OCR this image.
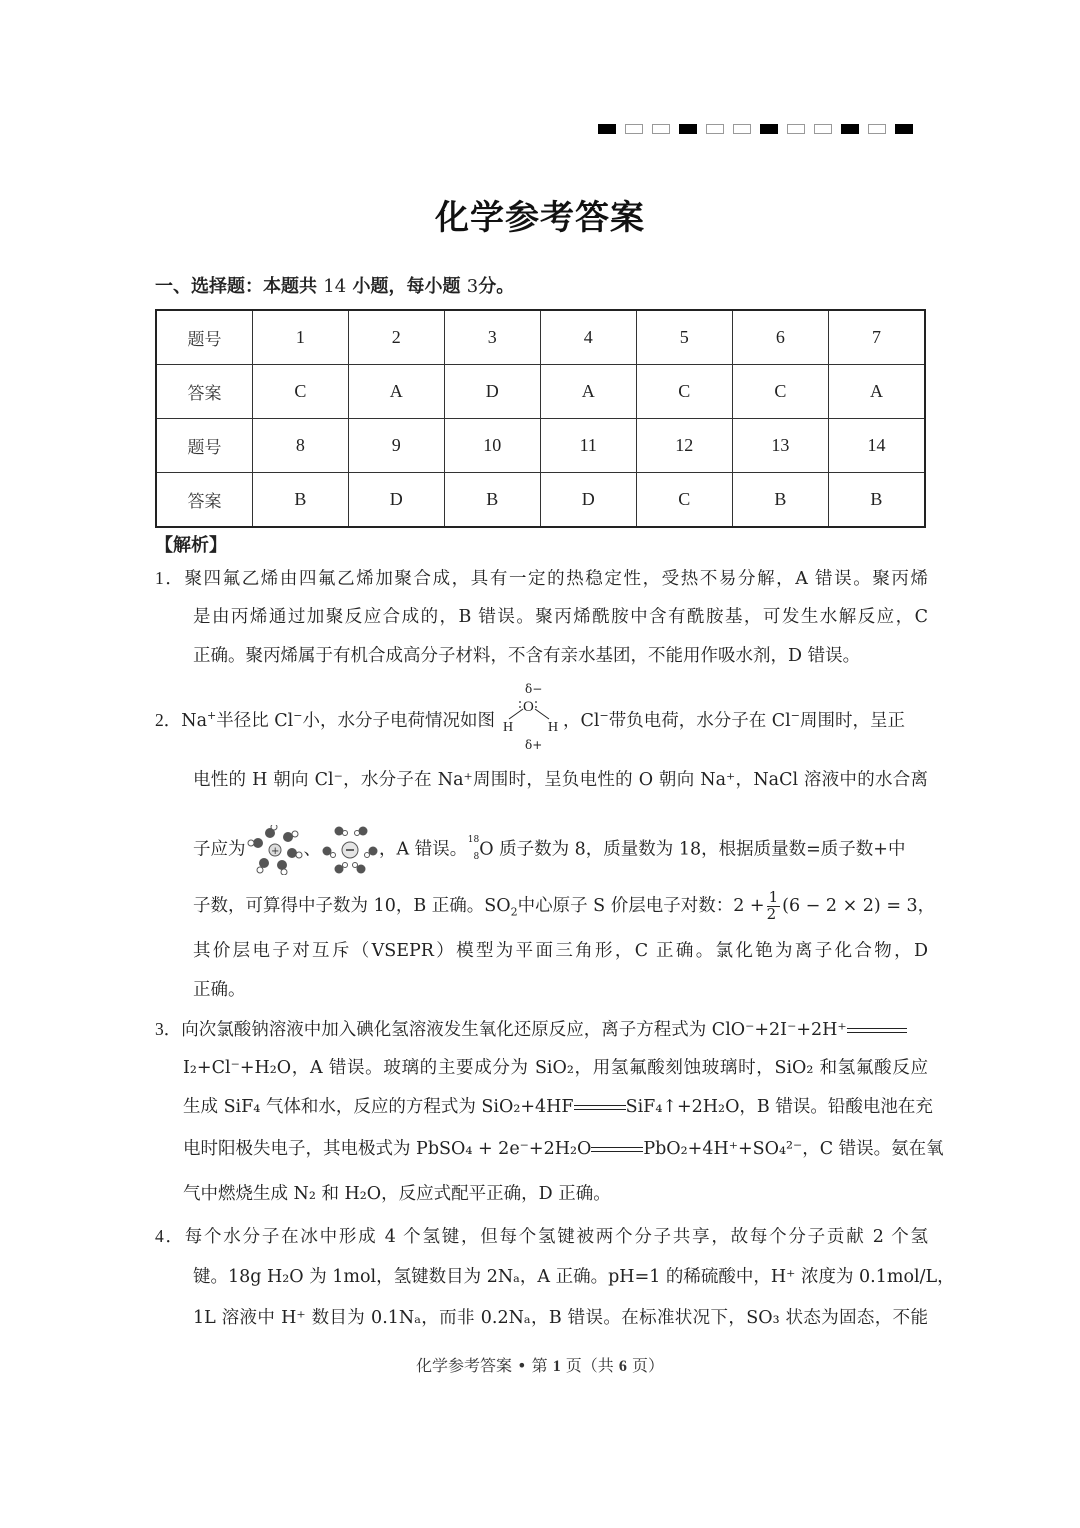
化学参考答案
一、选择题：本题共 14 小题，每小题 3分。
题号	1	2	3	4	5	6	7
答案	C	A	D	A	C	C	A
题号	8	9	10	11	12	13	14
答案	B	D	B	D	C	B	B
【解析】
1．聚四氟乙烯由四氟乙烯加聚合成，具有一定的热稳定性，受热不易分解，A 错误。聚丙烯
是由丙烯通过加聚反应合成的，B 错误。聚丙烯酰胺中含有酰胺基，可发生水解反应，C
正确。聚丙烯属于有机合成高分子材料，不含有亲水基团，不能用作吸水剂，D 错误。
2．Na+半径比 Cl−小，水分子电荷情况如图
δ−
O
H H
δ+
，Cl−带负电荷，水分子在 Cl−周围时，呈正
电性的 H 朝向 Cl⁻，水分子在 Na⁺周围时，呈负电性的 O 朝向 Na⁺，NaCl 溶液中的水合离
子应为	+ 、	，A 错误。 18
8 O 质子数为 8，质量数为 18，根据质量数=质子数+中
子数，可算得中子数为 10，B 正确。$SO_2$中心原子 S 价层电子对数：$2 + \frac{1}{2} (6 - 2 \times 2) = 3$，
其价层电子对互斥（VSEPR）模型为平面三角形，C 正确。氯化铯为离子化合物，D
正确。
3．向次氯酸钠溶液中加入碘化氢溶液发生氧化还原反应，离子方程式为 ClO⁻+2I⁻+2H⁺
I₂+Cl⁻+H₂O，A 错误。玻璃的主要成分为 SiO₂，用氢氟酸刻蚀玻璃时，SiO₂ 和氢氟酸反应
生成 SiF₄ 气体和水，反应的方程式为 SiO₂+4HF	SiF₄↑+2H₂O，B 错误。铅酸电池在充
电时阳极失电子，其电极式为 PbSO₄ + 2e⁻+2H₂O	PbO₂+4H⁺+SO₄²⁻，C 错误。氨在氧
气中燃烧生成 N₂ 和 H₂O，反应式配平正确，D 正确。
4．每个水分子在冰中形成 4 个氢键，但每个氢键被两个分子共享，故每个分子贡献 2 个氢
键。18g H₂O 为 1mol，氢键数目为 2Nₐ，A 正确。pH=1 的稀硫酸中，H⁺ 浓度为 0.1mol/L，
1L 溶液中 H⁺ 数目为 0.1Nₐ，而非 0.2Nₐ，B 错误。在标准状况下，SO₃ 状态为固态，不能
化学参考答案 • 第 1 页（共 6 页）
